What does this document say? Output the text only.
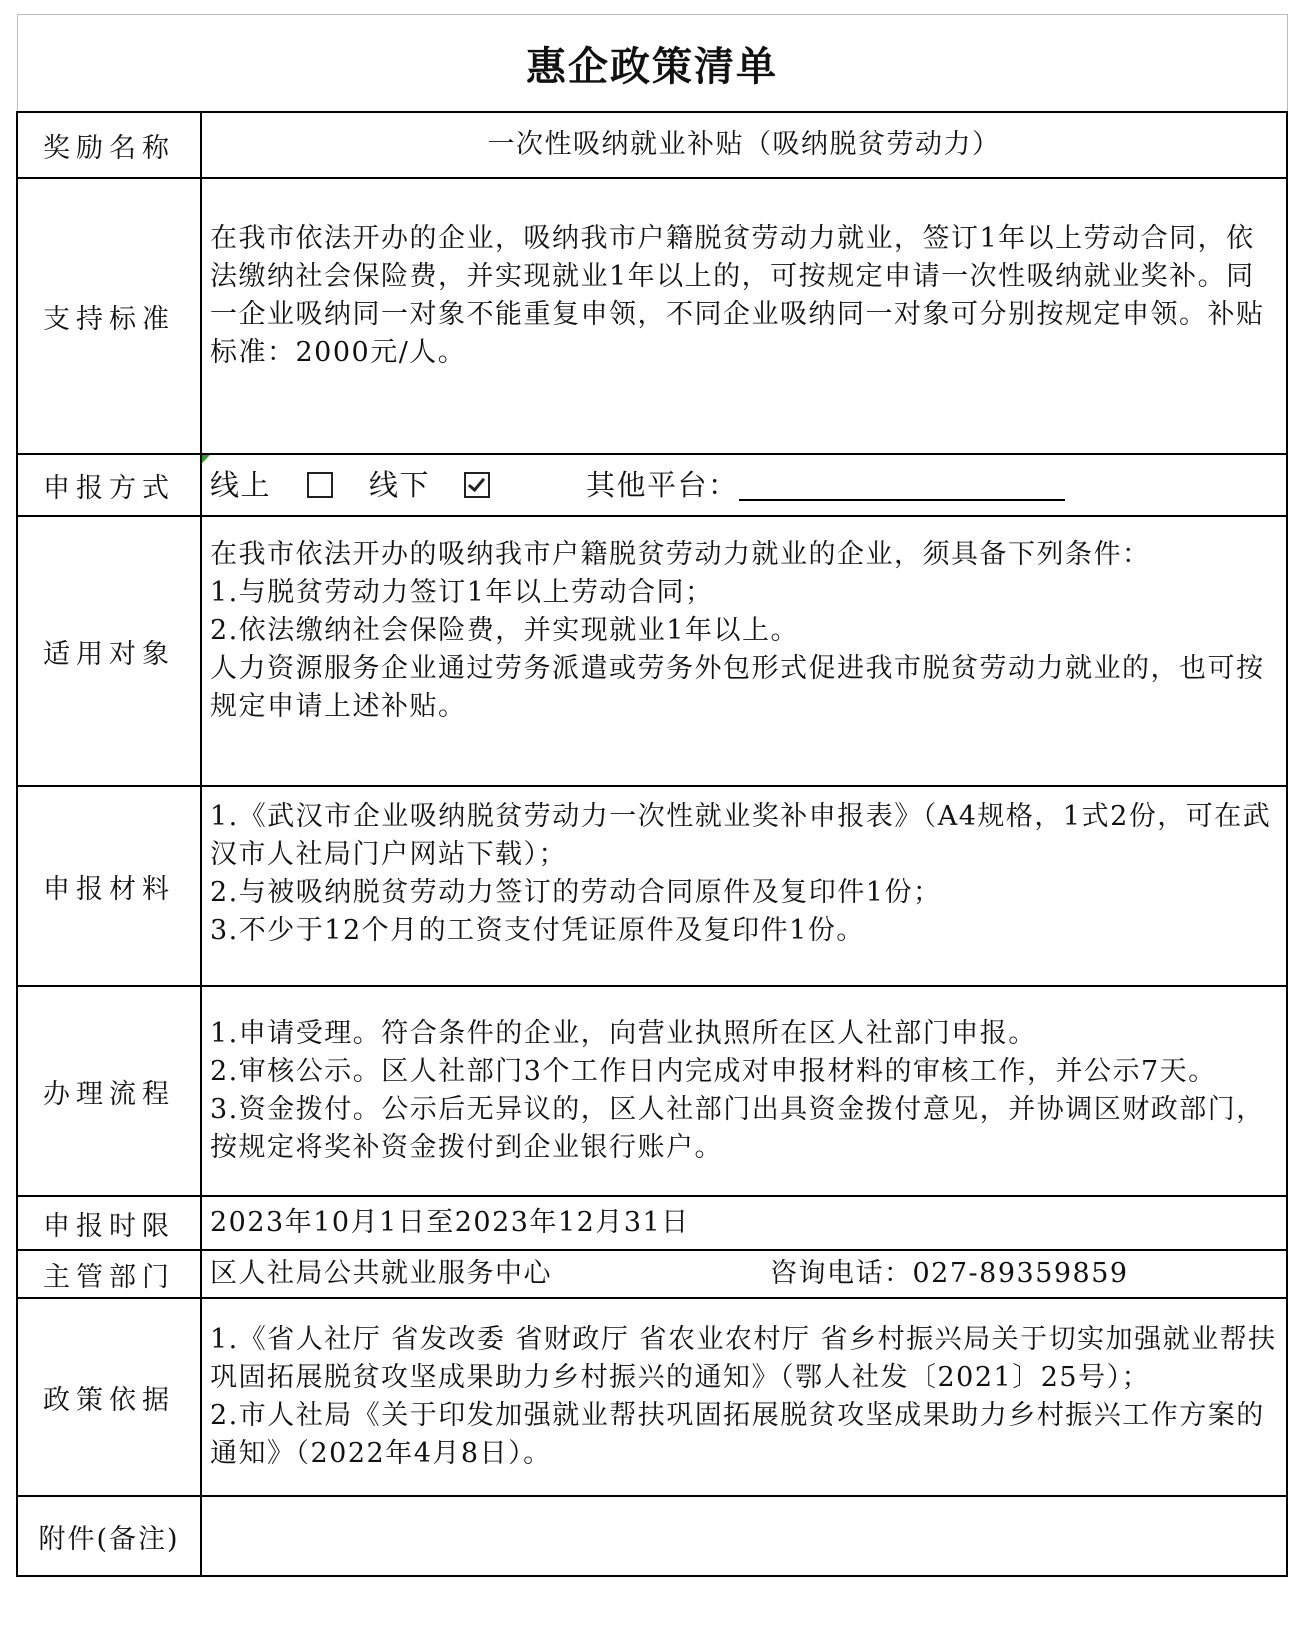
惠企政策清单	
奖励名称	一次性吸纳就业补贴（吸纳脱贫劳动力）
支持标准	在我市依法开办的企业，吸纳我市户籍脱贫劳动力就业，签订1年以上劳动合同，依法缴纳社会保险费，并实现就业1年以上的，可按规定申请一次性吸纳就业奖补。同一企业吸纳同一对象不能重复申领，不同企业吸纳同一对象可分别按规定申领。补贴标准：2000元/人。

申报方式	线上 线下 其他平台：

适用对象	在我市依法开办的吸纳我市户籍脱贫劳动力就业的企业，须具备下列条件：

1.与脱贫劳动力签订1年以上劳动合同；

2.依法缴纳社会保险费，并实现就业1年以上。

人力资源服务企业通过劳务派遣或劳务外包形式促进我市脱贫劳动力就业的，也可按规定申请上述补贴。

申报材料	1.《武汉市企业吸纳脱贫劳动力一次性就业奖补申报表》（A4规格，1式2份，可在武汉市人社局门户网站下载）；

2.与被吸纳脱贫劳动力签订的劳动合同原件及复印件1份；

3.不少于12个月的工资支付凭证原件及复印件1份。

办理流程	1.申请受理。符合条件的企业，向营业执照所在区人社部门申报。

2.审核公示。区人社部门3个工作日内完成对申报材料的审核工作，并公示7天。

3.资金拨付。公示后无异议的，区人社部门出具资金拨付意见，并协调区财政部门，按规定将奖补资金拨付到企业银行账户。

申报时限	2023年10月1日至2023年12月31日
主管部门	区人社局公共就业服务中心 咨询电话：027-89359859
政策依据	1.《省人社厅 省发改委 省财政厅 省农业农村厅 省乡村振兴局关于切实加强就业帮扶巩固拓展脱贫攻坚成果助力乡村振兴的通知》（鄂人社发〔2021〕25号）；

2.市人社局《关于印发加强就业帮扶巩固拓展脱贫攻坚成果助力乡村振兴工作方案的通知》（2022年4月8日）。

附件(备注)	
